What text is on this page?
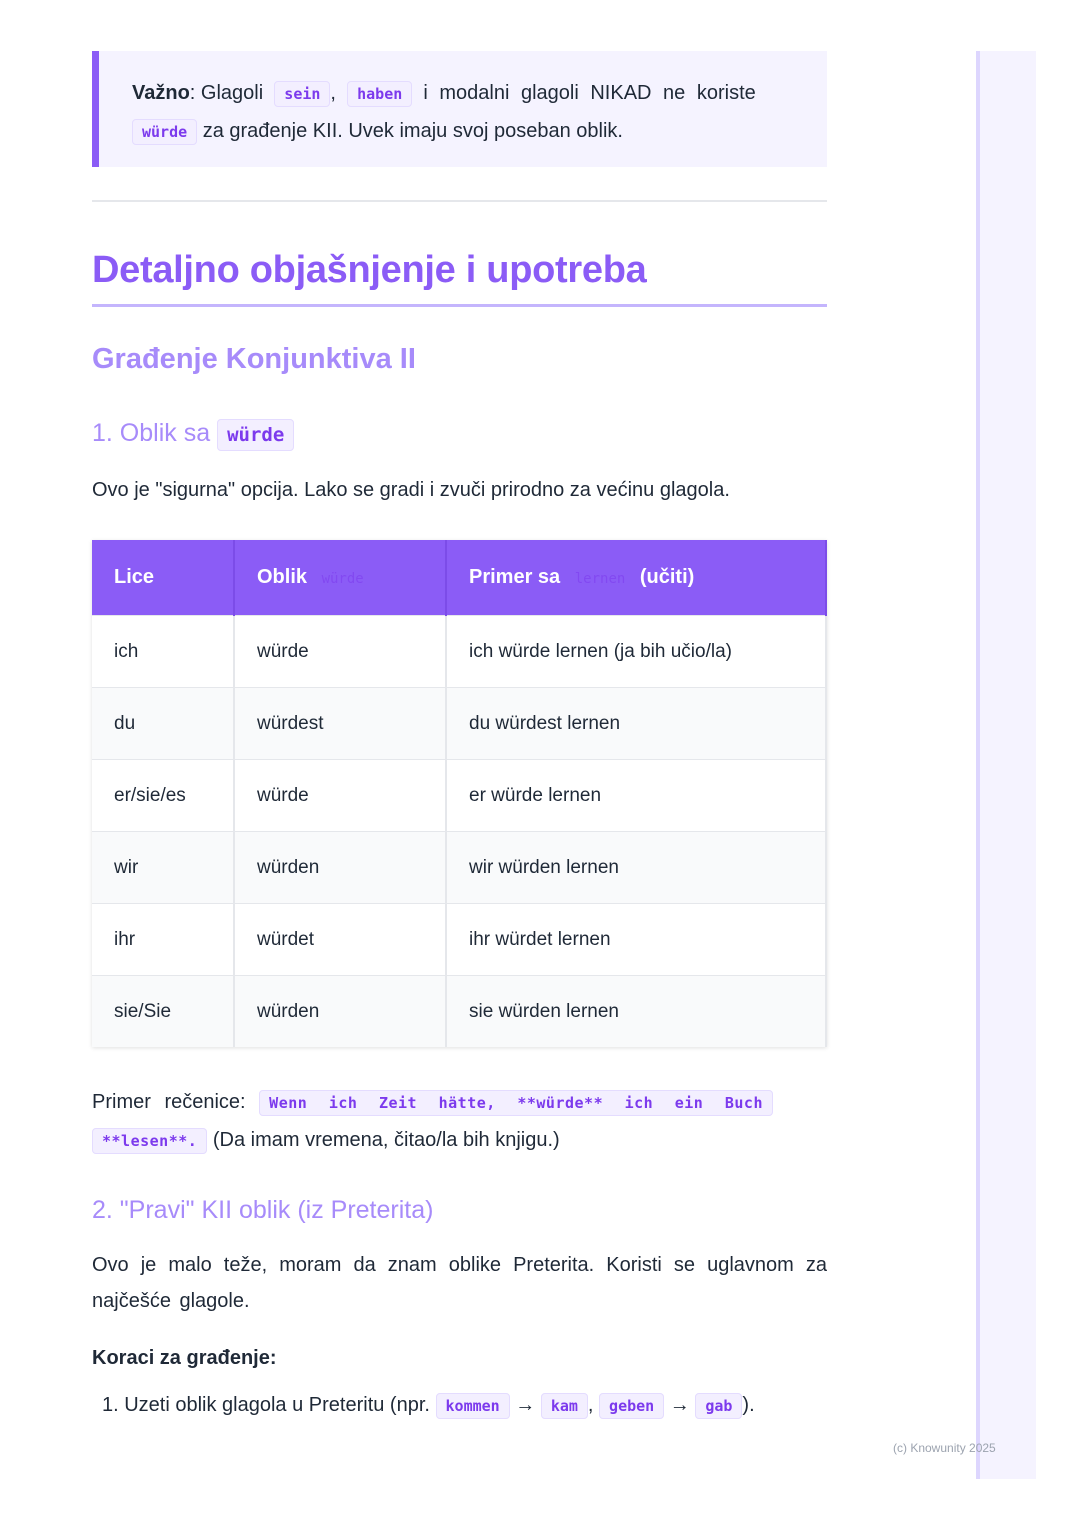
Važno: Glagoli sein , haben i modalni glagoli NIKAD ne koriste

würde za građenje KII. Uvek imaju svoj poseban oblik.

Detaljno objašnjenje i upotreba
Građenje Konjunktiva II
1. Oblik sa würde

Ovo je "sigurna" opcija. Lako se gradi i zvuči prirodno za većinu glagola.

Lice	Oblik würde	Primer sa lernen (učiti)
ich	würde	ich würde lernen (ja bih učio/la)
du	würdest	du würdest lernen
er/sie/es	würde	er würde lernen
wir	würden	wir würden lernen
ihr	würdet	ihr würdet lernen
sie/Sie	würden	sie würden lernen

Primer rečenice: Wenn ich Zeit hätte, **würde** ich ein Buch

**lesen**. (Da imam vremena, čitao/la bih knjigu.)

2. "Pravi" KII oblik (iz Preterita)

Ovo je malo teže, moram da znam oblike Preterita. Koristi se uglavnom za najčešće glagole.

Koraci za građenje:

1. Uzeti oblik glagola u Preteritu (npr. kommen → kam , geben → gab ).
(c) Knowunity 2025
